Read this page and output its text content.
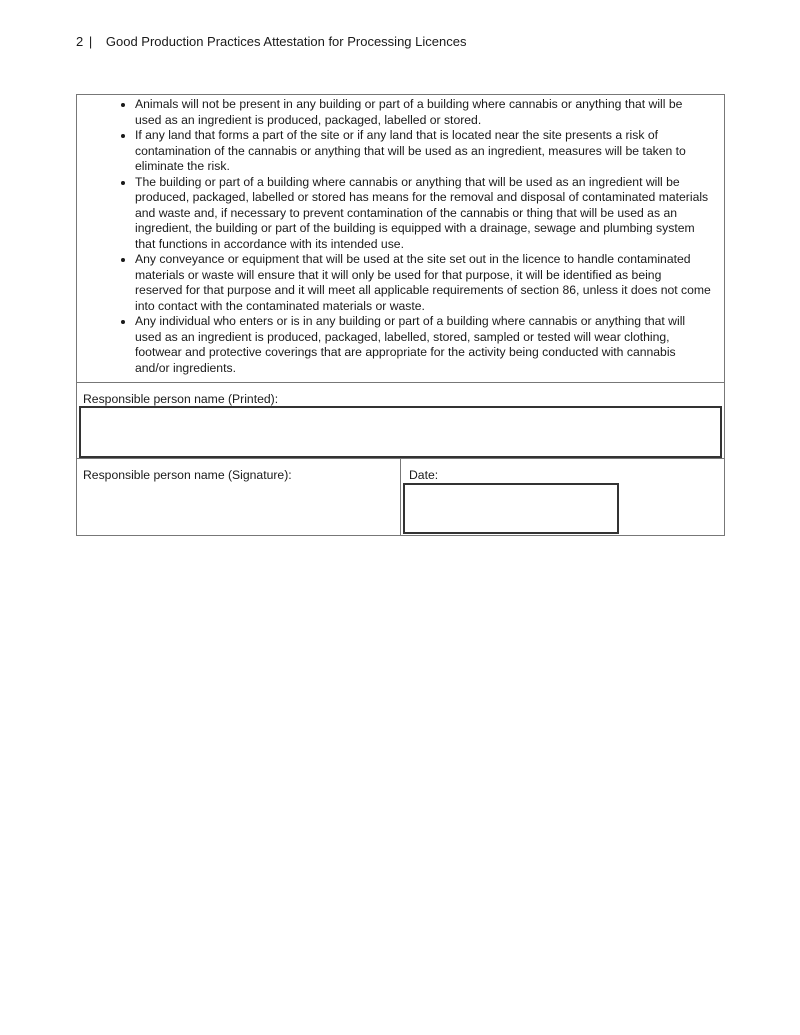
2 | Good Production Practices Attestation for Processing Licences
• Animals will not be present in any building or part of a building where cannabis or anything that will be used as an ingredient is produced, packaged, labelled or stored.
• If any land that forms a part of the site or if any land that is located near the site presents a risk of contamination of the cannabis or anything that will be used as an ingredient, measures will be taken to eliminate the risk.
• The building or part of a building where cannabis or anything that will be used as an ingredient will be produced, packaged, labelled or stored has means for the removal and disposal of contaminated materials and waste and, if necessary to prevent contamination of the cannabis or thing that will be used as an ingredient, the building or part of the building is equipped with a drainage, sewage and plumbing system that functions in accordance with its intended use.
• Any conveyance or equipment that will be used at the site set out in the licence to handle contaminated materials or waste will ensure that it will only be used for that purpose, it will be identified as being reserved for that purpose and it will meet all applicable requirements of section 86, unless it does not come into contact with the contaminated materials or waste.
• Any individual who enters or is in any building or part of a building where cannabis or anything that will used as an ingredient is produced, packaged, labelled, stored, sampled or tested will wear clothing, footwear and protective coverings that are appropriate for the activity being conducted with cannabis and/or ingredients.
Responsible person name (Printed):
Responsible person name (Signature):	Date:
